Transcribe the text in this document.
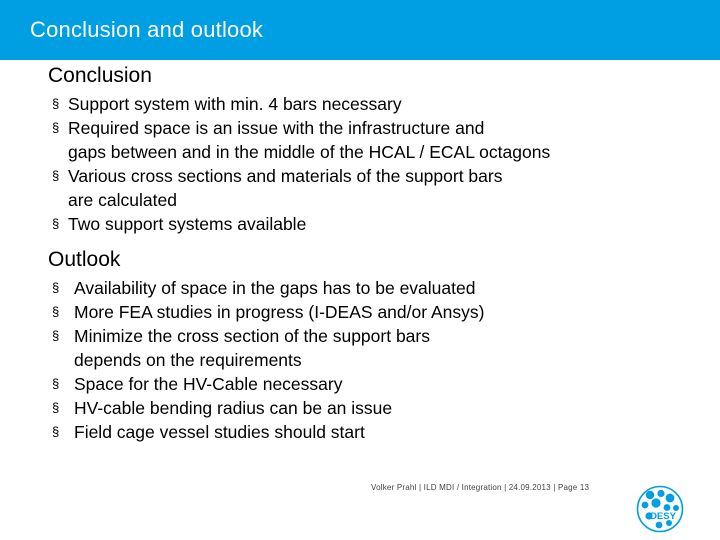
Conclusion and outlook
Conclusion
§ Support system with min. 4 bars necessary
§ Required space is an issue with the infrastructure and
gaps between and in the middle of the HCAL / ECAL octagons
§ Various cross sections and materials of the support bars
are calculated
§ Two support systems available
Outlook
§ Availability of space in the gaps has to be evaluated
§ More FEA studies in progress (I-DEAS and/or Ansys)
§ Minimize the cross section of the support bars
depends on the requirements
§ Space for the HV-Cable necessary
§ HV-cable bending radius can be an issue
§ Field cage vessel studies should start
Volker Prahl | ILD MDI / Integration | 24.09.2013 | Page 13
DESY
